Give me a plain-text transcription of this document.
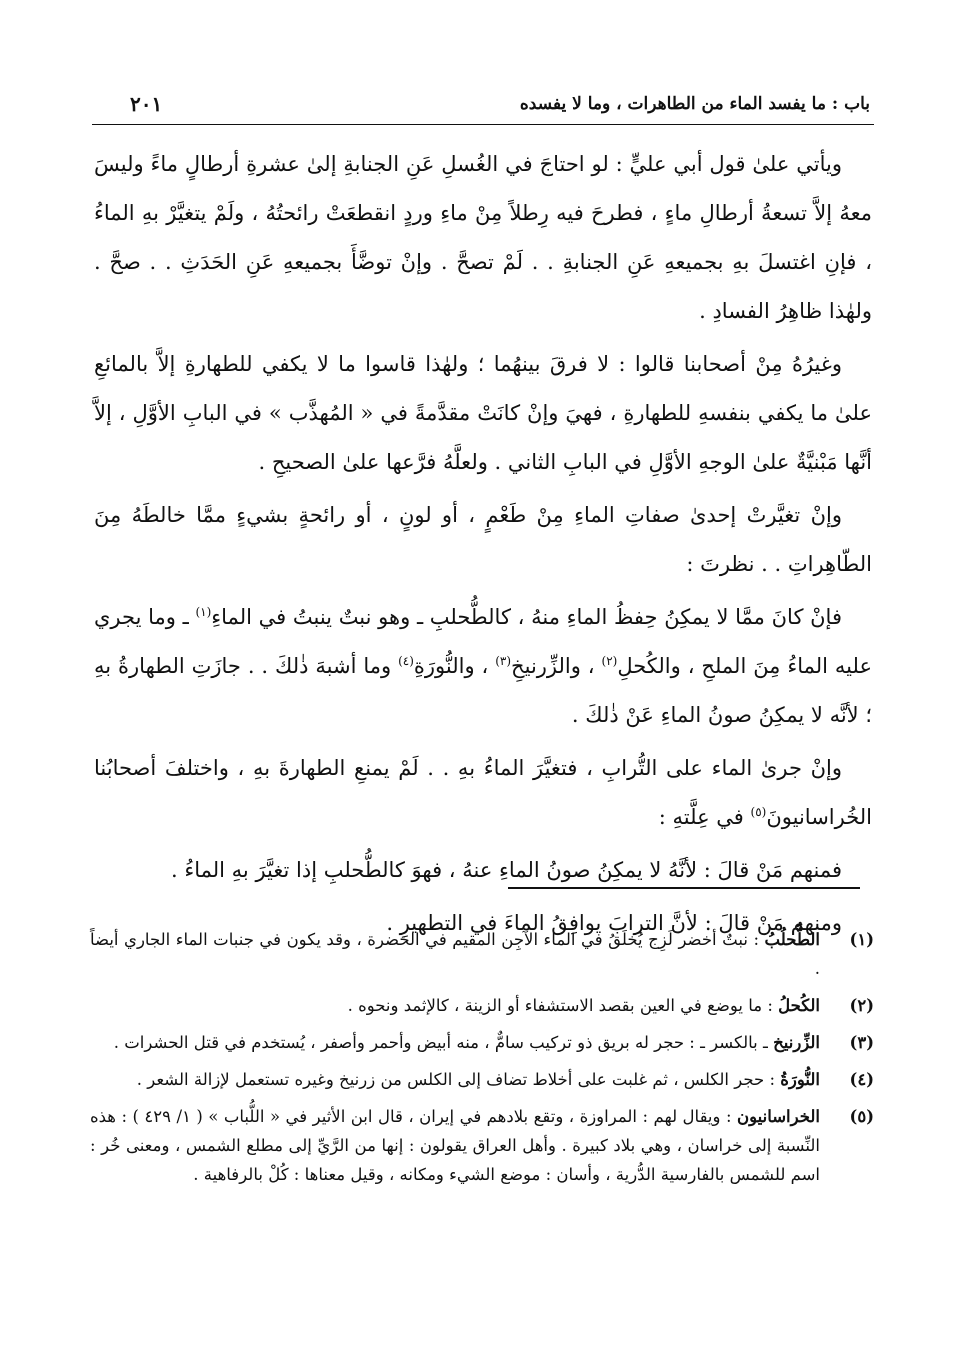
باب : ما يفسد الماء من الطاهرات ، وما لا يفسده
٢٠١

ويأتي علىٰ قول أبي عليٍّ : لو احتاجَ في الغُسلِ عَنِ الجنابةِ إلىٰ عشرةِ أرطالٍ ماءً وليسَ معهُ إلاَّ تسعةُ أرطالِ ماءٍ ، فطرحَ فيه رِطلاً مِنْ ماءِ وردٍ انقطعَتْ رائحتُهُ ، ولَمْ يتغيَّرْ بهِ الماءُ ، فإنِ اغتسلَ بهِ بجميعهِ عَنِ الجنابةِ . . لَمْ تصحَّ . وإنْ توضَّأَ بجميعهِ عَنِ الحَدَثِ . . صحَّ . ولهٰذا ظاهِرُ الفسادِ .

وغيرُهُ مِنْ أصحابنا قالوا : لا فرقَ بينهُما ؛ ولهٰذا قاسوا ما لا يكفي للطهارةِ إلاَّ بالمائعِ علىٰ ما يكفي بنفسهِ للطهارةِ ، فهيَ وإنْ كانَتْ مقدَّمةً في « المُهذَّب » في البابِ الأوَّلِ ، إلاَّ أنَّها مَبْنيَّةٌ علىٰ الوجهِ الأوَّلِ في البابِ الثاني . ولعلَّهُ فرَّعها علىٰ الصحيحِ .

وإنْ تغيَّرتْ إحدىٰ صفاتِ الماءِ مِنْ طَعْمٍ ، أو لونٍ ، أو رائحةٍ بشيءٍ ممَّا خالطَهُ مِنَ الطّاهِراتِ . . نظرتَ :

فإنْ كانَ ممَّا لا يمكِنُ حِفظُ الماءِ منهُ ، كالطُّحلبِ ـ وهو نبتٌ ينبتُ في الماءِ$^{(١)}$ ـ وما يجري عليه الماءُ مِنَ الملحِ ، والكُحلِ$^{(٢)}$ ، والزِّرنيخِ$^{(٣)}$ ، والنُّورَةِ$^{(٤)}$ وما أشبهَ ذٰلكَ . . جازَتِ الطهارةُ بهِ ؛ لأنَّه لا يمكِنُ صونُ الماءِ عَنْ ذٰلكَ .

وإنْ جرىٰ الماء على التُّرابِ ، فتغيَّرَ الماءُ بهِ . . لَمْ يمنعِ الطهارةَ بهِ ، واختلفَ أصحابُنا الخُراسانيونَ$^{(٥)}$ في عِلَّتهِ :

فمنهم مَنْ قالَ : لأنَّهُ لا يمكِنُ صونُ الماءِ عنهُ ، فهوَ كالطُّحلبِ إذا تغيَّرَ بهِ الماءُ .

ومنهم مَنْ قالَ : لأنَّ الترابَ يوافِقُ الماءَ في التطهيرِ .

(١)
الطُّحلُبُ : نبتٌ أخضر لَزِج يُخلَقُ في الماء الآجِن المقيم في الخضرة ، وقد يكون في جنبات الماء الجاري أيضاً .
(٢)
الكُحلُ : ما يوضع في العين بقصد الاستشفاء أو الزينة ، كالإثمد ونحوه .
(٣)
الزِّرنيخ ـ بالكسر ـ : حجر له بريق ذو تركيب سامٌّ ، منه أبيض وأحمر وأصفر ، يُستخدم في قتل الحشرات .
(٤)
النُّورَةُ : حجر الكلس ، ثم غلبت على أخلاط تضاف إلى الكلس من زرنيخ وغيره تستعمل لإزالة الشعر .
(٥)
الخراسانيون : ويقال لهم : المراوزة ، وتقع بلادهم في إيران ، قال ابن الأثير في « اللُّباب » ( ١/ ٤٢٩ ) : هذه النِّسبة إلى خراسان ، وهي بلاد كبيرة . وأهل العراق يقولون : إنها من الرَّيِّ إلى مطلع الشمس ، ومعنى خُر : اسم للشمس بالفارسية الدُّرية ، وأسان : موضع الشيء ومكانه ، وقيل معناها : كُلْ بالرفاهية .
